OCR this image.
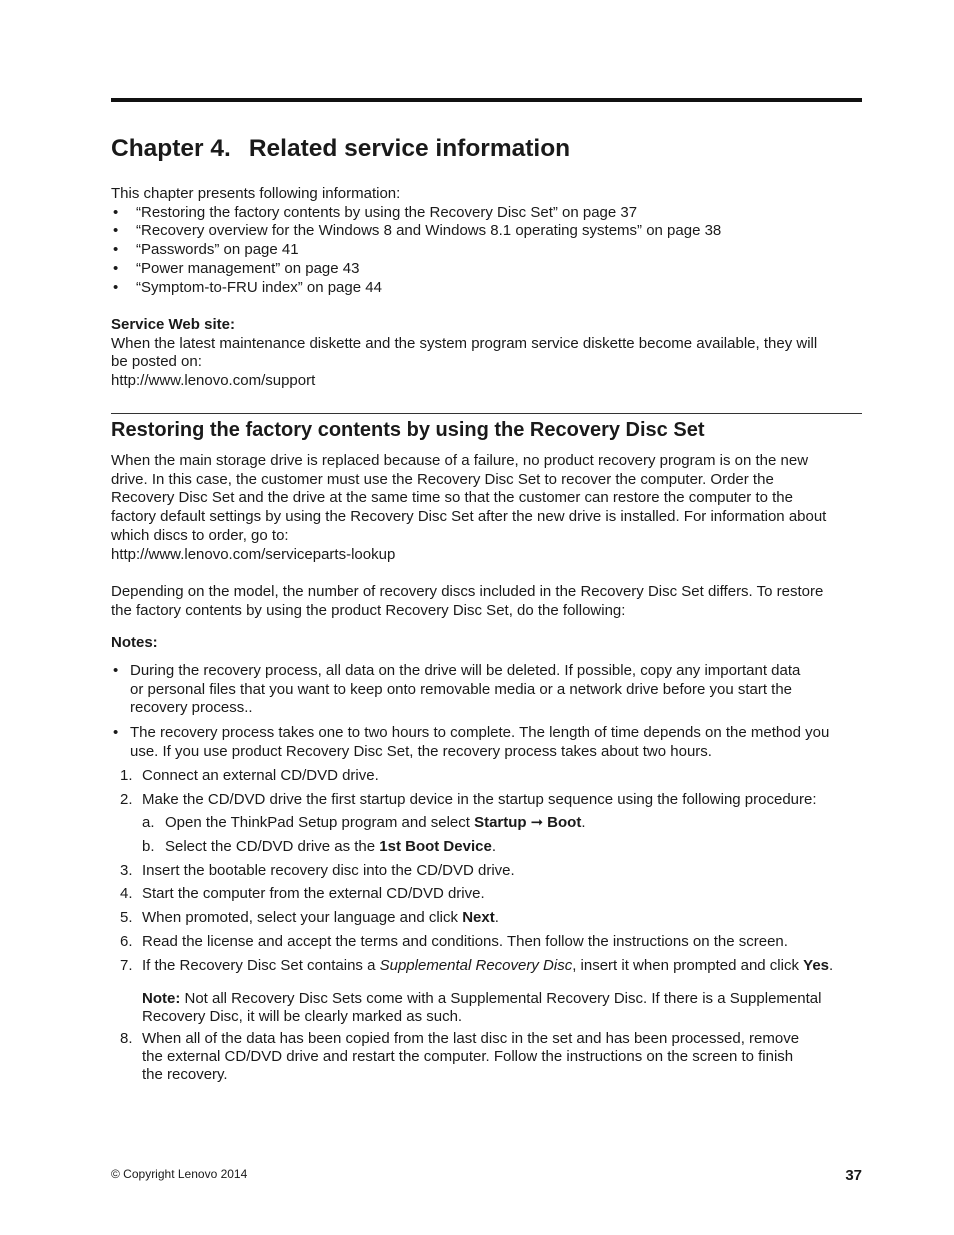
Chapter 4. Related service information

This chapter presents following information:

• “Restoring the factory contents by using the Recovery Disc Set” on page 37
• “Recovery overview for the Windows 8 and Windows 8.1 operating systems” on page 38
• “Passwords” on page 41
• “Power management” on page 43
• “Symptom-to-FRU index” on page 44

Service Web site:

When the latest maintenance diskette and the system program service diskette become available, they will

be posted on:

http://www.lenovo.com/support

Restoring the factory contents by using the Recovery Disc Set

When the main storage drive is replaced because of a failure, no product recovery program is on the new

drive. In this case, the customer must use the Recovery Disc Set to recover the computer. Order the

Recovery Disc Set and the drive at the same time so that the customer can restore the computer to the

factory default settings by using the Recovery Disc Set after the new drive is installed. For information about

which discs to order, go to:

http://www.lenovo.com/serviceparts-lookup

Depending on the model, the number of recovery discs included in the Recovery Disc Set differs. To restore

the factory contents by using the product Recovery Disc Set, do the following:

Notes:

• During the recovery process, all data on the drive will be deleted. If possible, copy any important data
or personal files that you want to keep onto removable media or a network drive before you start the
recovery process..
• The recovery process takes one to two hours to complete. The length of time depends on the method you
use. If you use product Recovery Disc Set, the recovery process takes about two hours.
1. Connect an external CD/DVD drive.
2. Make the CD/DVD drive the first startup device in the startup sequence using the following procedure:
a. Open the ThinkPad Setup program and select Startup ➞ Boot.
b. Select the CD/DVD drive as the 1st Boot Device.
3. Insert the bootable recovery disc into the CD/DVD drive.
4. Start the computer from the external CD/DVD drive.
5. When promoted, select your language and click Next.
6. Read the license and accept the terms and conditions. Then follow the instructions on the screen.
7. If the Recovery Disc Set contains a Supplemental Recovery Disc, insert it when prompted and click Yes.
Note: Not all Recovery Disc Sets come with a Supplemental Recovery Disc. If there is a Supplemental
Recovery Disc, it will be clearly marked as such.
8. When all of the data has been copied from the last disc in the set and has been processed, remove
the external CD/DVD drive and restart the computer. Follow the instructions on the screen to finish
the recovery.
© Copyright Lenovo 2014	37
